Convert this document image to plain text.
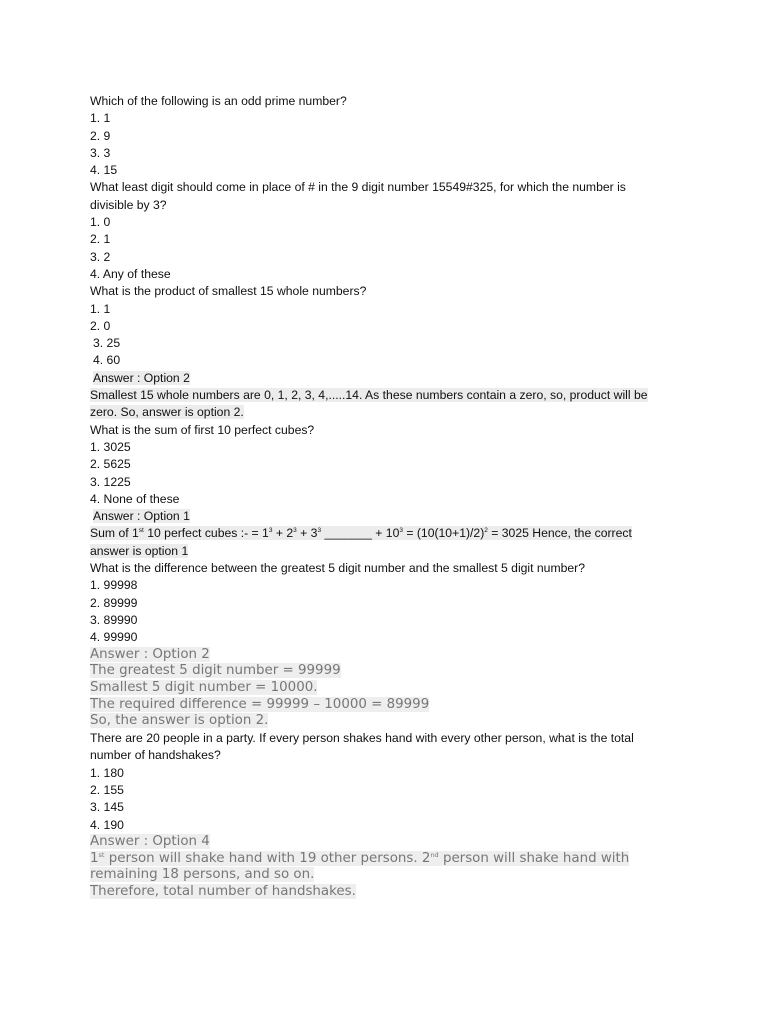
Which of the following is an odd prime number?
1. 1
2. 9
3. 3
4. 15
What least digit should come in place of # in the 9 digit number 15549#325, for which the number is divisible by 3?
1. 0
2. 1
3. 2
4. Any of these
What is the product of smallest 15 whole numbers?
1. 1
2. 0
3. 25
4. 60
Answer : Option 2
Smallest 15 whole numbers are 0, 1, 2, 3, 4,.....14. As these numbers contain a zero, so, product will be zero. So, answer is option 2.
What is the sum of first 10 perfect cubes?
1. 3025
2. 5625
3. 1225
4. None of these
Answer : Option 1
Sum of 1st 10 perfect cubes :- = $1^3 + 2^3 + 3^3$ _______ + $10^3 = (10(10+1)/2)^2 = 3025$ Hence, the correct answer is option 1
What is the difference between the greatest 5 digit number and the smallest 5 digit number?
1. 99998
2. 89999
3. 89990
4. 99990
Answer : Option 2
The greatest 5 digit number = 99999
Smallest 5 digit number = 10000.
The required difference = 99999 – 10000 = 89999
So, the answer is option 2.
There are 20 people in a party. If every person shakes hand with every other person, what is the total number of handshakes?
1. 180
2. 155
3. 145
4. 190
Answer : Option 4
1st person will shake hand with 19 other persons. 2nd person will shake hand with remaining 18 persons, and so on.
Therefore, total number of handshakes.
